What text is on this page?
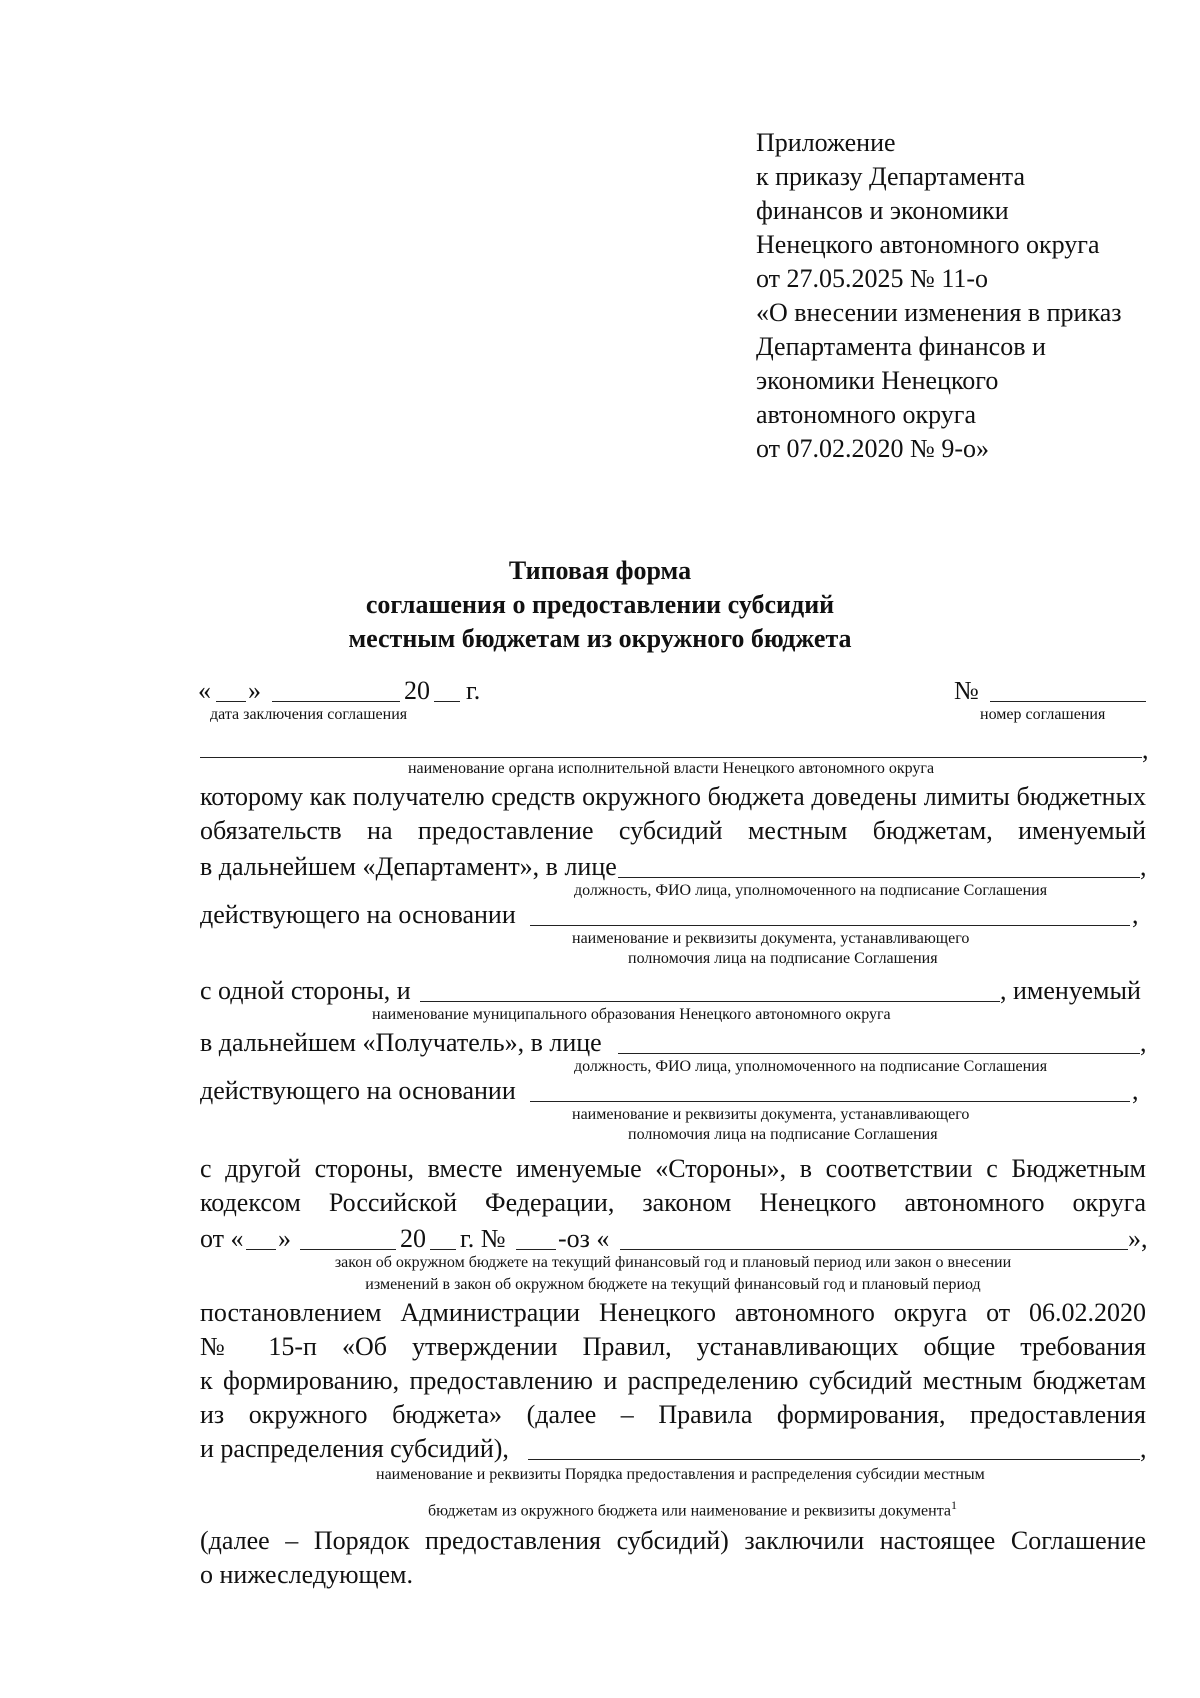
Приложение
к приказу Департамента
финансов и экономики
Ненецкого автономного округа
от 27.05.2025 № 11-о
«О внесении изменения в приказ
Департамента финансов и
экономики Ненецкого
автономного округа
от 07.02.2020 № 9-о»
Типовая форма
соглашения о предоставлении субсидий
местным бюджетам из окружного бюджета
« »	20 г.
дата заключения соглашения
№
номер соглашения
,
наименование органа исполнительной власти Ненецкого автономного округа
которому как получателю средств окружного бюджета доведены лимиты бюджетных
обязательств на предоставление субсидий местным бюджетам, именуемый
в дальнейшем «Департамент», в лице	,
должность, ФИО лица, уполномоченного на подписание Соглашения
действующего на основании	,
наименование и реквизиты документа, устанавливающего
полномочия лица на подписание Соглашения
с одной стороны, и	, именуемый
наименование муниципального образования Ненецкого автономного округа
в дальнейшем «Получатель», в лице	,
должность, ФИО лица, уполномоченного на подписание Соглашения
действующего на основании	,
наименование и реквизиты документа, устанавливающего
полномочия лица на подписание Соглашения
с другой стороны, вместе именуемые «Стороны», в соответствии с Бюджетным
кодексом Российской Федерации, законом Ненецкого автономного округа
от « »	20 г. № -оз «	»,
закон об окружном бюджете на текущий финансовый год и плановый период или закон о внесении
изменений в закон об окружном бюджете на текущий финансовый год и плановый период
постановлением Администрации Ненецкого автономного округа от 06.02.2020
№ 15-п «Об утверждении Правил, устанавливающих общие требования
к формированию, предоставлению и распределению субсидий местным бюджетам
из окружного бюджета» (далее – Правила формирования, предоставления
и распределения субсидий),	,
наименование и реквизиты Порядка предоставления и распределения субсидии местным
бюджетам из окружного бюджета или наименование и реквизиты документа$^1$
(далее – Порядок предоставления субсидий) заключили настоящее Соглашение
о нижеследующем.
